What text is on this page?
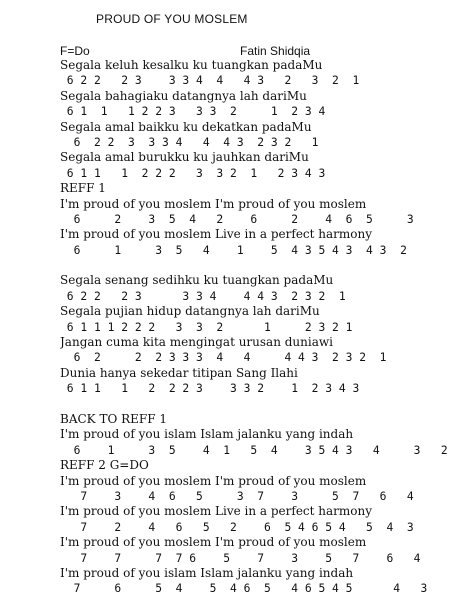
PROUD OF YOU MOSLEM
F=Do	Fatin Shidqia
Segala keluh kesalku ku tuangkan padaMu
6 2 2   2 3    3 3 4  4   4 3   2   3  2  1
Segala bahagiaku datangnya lah dariMu
6 1  1   1 2 2 3   3 3  2     1  2 3 4
Segala amal baikku ku dekatkan padaMu
6  2 2  3  3 3 4   4  4 3  2 3 2   1
Segala amal burukku ku jauhkan dariMu
6 1 1   1  2 2 2   3  3 2  1   2 3 4 3
REFF 1
I'm proud of you moslem I'm proud of you moslem
6     2    3  5  4   2    6     2    4  6  5     3
I'm proud of you moslem Live in a perfect harmony
6     1     3  5   4    1    5  4 3 5 4 3  4 3  2
Segala senang sedihku ku tuangkan padaMu
6 2 2   2 3      3 3 4    4 4 3  2 3 2  1
Segala pujian hidup datangnya lah dariMu
6 1 1 1 2 2 2   3  3  2      1     2 3 2 1
Jangan cuma kita mengingat urusan duniawi
6  2     2  2 3 3 3  4   4     4 4 3  2 3 2  1
Dunia hanya sekedar titipan Sang Ilahi
6 1 1   1   2  2 2 3    3 3 2    1  2 3 4 3
BACK TO REFF 1
I'm proud of you islam Islam jalanku yang indah
6    1     3  5    4  1   5  4    3 5 4 3   4     3   2
REFF 2 G=DO
I'm proud of you moslem I'm proud of you moslem
7    3    4  6   5     3  7    3     5  7   6   4
I'm proud of you moslem Live in a perfect harmony
7    2    4   6   5   2    6  5 4 6 5 4   5  4  3
I'm proud of you moslem I'm proud of you moslem
7    7     7  7 6    5    7    3    5   7    6   4
I'm proud of you islam Islam jalanku yang indah
7     6     5  4    5  4 6  5   4 6 5 4 5      4   3
